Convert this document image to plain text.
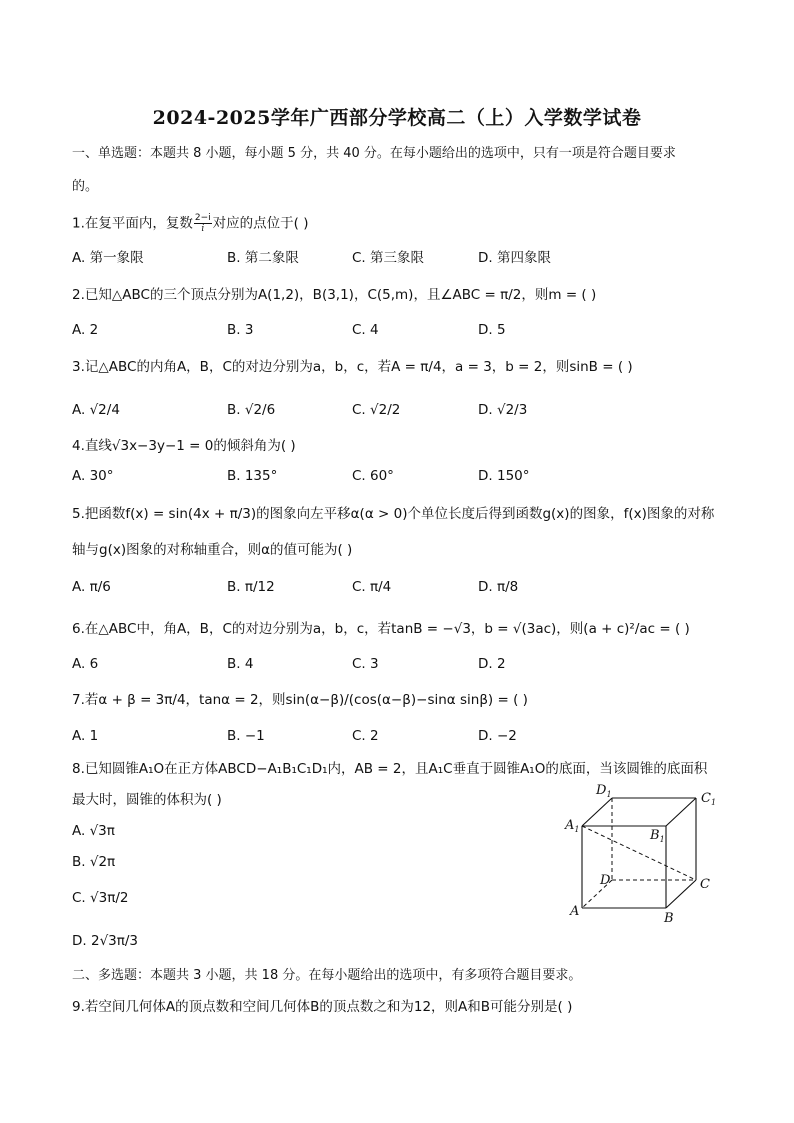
2024-2025学年广西部分学校高二（上）入学数学试卷
一、单选题：本题共 8 小题，每小题 5 分，共 40 分。在每小题给出的选项中，只有一项是符合题目要求
的。
1.在复平面内，复数 $\frac{2-i}{i}$ 对应的点位于( )
A. 第一象限	B. 第二象限	C. 第三象限	D. 第四象限
2.已知△ABC的三个顶点分别为A(1,2)，B(3,1)，C(5,m)，且∠ABC = π/2，则m = ( )
A. 2	B. 3	C. 4	D. 5
3.记△ABC的内角A，B，C的对边分别为a，b，c，若A = π/4，a = 3，b = 2，则sinB = ( )
A. √2/4	B. √2/6	C. √2/2	D. √2/3
4.直线√3x−3y−1 = 0的倾斜角为( )
A. 30°	B. 135°	C. 60°	D. 150°
5.把函数f(x) = sin(4x + π/3)的图象向左平移α(α > 0)个单位长度后得到函数g(x)的图象，f(x)图象的对称
轴与g(x)图象的对称轴重合，则α的值可能为( )
A. π/6	B. π/12	C. π/4	D. π/8
6.在△ABC中，角A，B，C的对边分别为a，b，c，若tanB = −√3，b = √(3ac)，则(a + c)²/ac = ( )
A. 6	B. 4	C. 3	D. 2
7.若α + β = 3π/4，tanα = 2，则sin(α−β)/(cos(α−β)−sinα sinβ) = ( )
A. 1	B. −1	C. 2	D. −2
8.已知圆锥A₁O在正方体ABCD−A₁B₁C₁D₁内，AB = 2，且A₁C垂直于圆锥A₁O的底面，当该圆锥的底面积
最大时，圆锥的体积为( )
A. √3π
B. √2π
C. √3π/2
D. 2√3π/3
$D_1$	$C_1$
$A_1$	$B_1$
D	C
A	B
二、多选题：本题共 3 小题，共 18 分。在每小题给出的选项中，有多项符合题目要求。
9.若空间几何体A的顶点数和空间几何体B的顶点数之和为12，则A和B可能分别是( )
